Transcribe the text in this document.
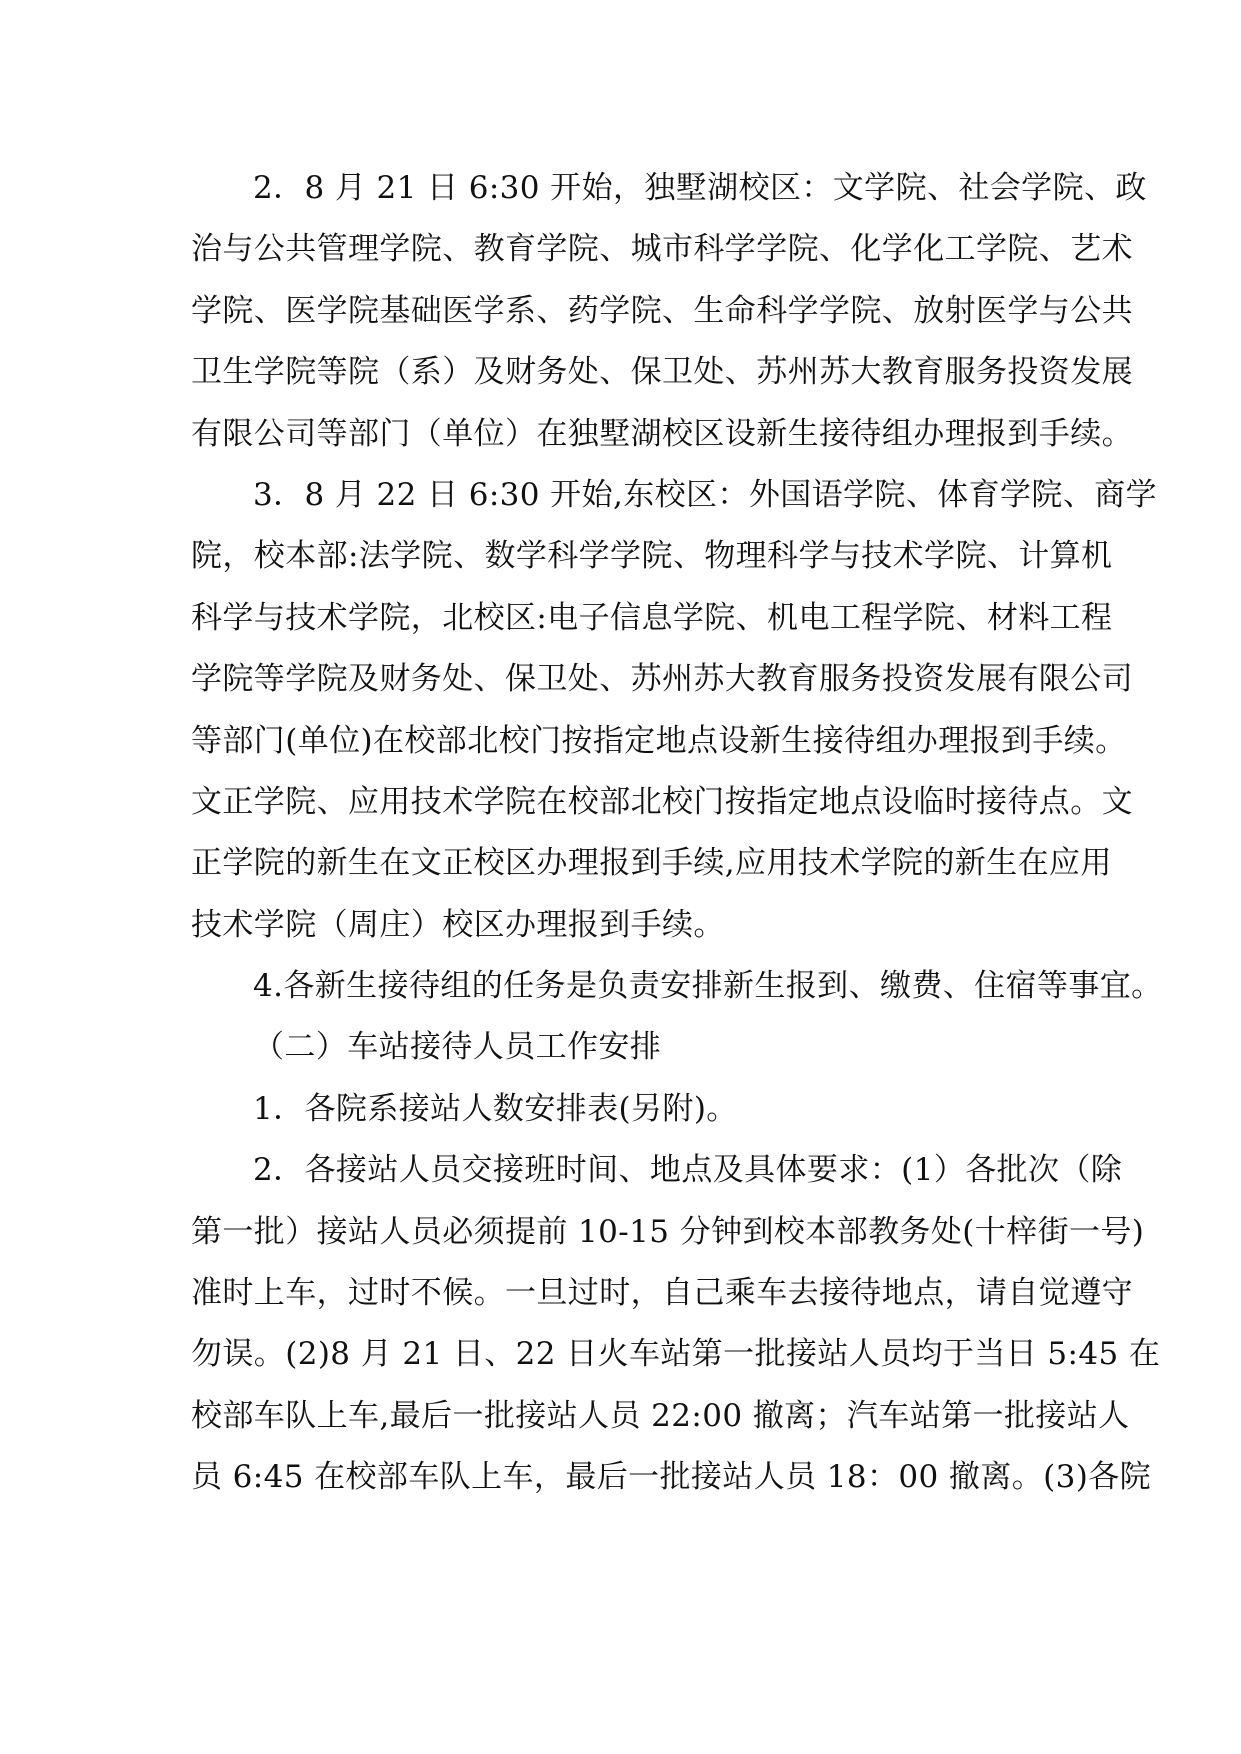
2．8 月 21 日 6:30 开始，独墅湖校区：文学院、社会学院、政
治与公共管理学院、教育学院、城市科学学院、化学化工学院、艺术
学院、医学院基础医学系、药学院、生命科学学院、放射医学与公共
卫生学院等院（系）及财务处、保卫处、苏州苏大教育服务投资发展
有限公司等部门（单位）在独墅湖校区设新生接待组办理报到手续。
3．8 月 22 日 6:30 开始,东校区：外国语学院、体育学院、商学
院，校本部:法学院、数学科学学院、物理科学与技术学院、计算机
科学与技术学院，北校区:电子信息学院、机电工程学院、材料工程
学院等学院及财务处、保卫处、苏州苏大教育服务投资发展有限公司
等部门(单位)在校部北校门按指定地点设新生接待组办理报到手续。
文正学院、应用技术学院在校部北校门按指定地点设临时接待点。文
正学院的新生在文正校区办理报到手续,应用技术学院的新生在应用
技术学院（周庄）校区办理报到手续。
4.各新生接待组的任务是负责安排新生报到、缴费、住宿等事宜。
（二）车站接待人员工作安排
1．各院系接站人数安排表(另附)。
2．各接站人员交接班时间、地点及具体要求：(1）各批次（除
第一批）接站人员必须提前 10-15 分钟到校本部教务处(十梓街一号)
准时上车，过时不候。一旦过时，自己乘车去接待地点，请自觉遵守
勿误。(2)8 月 21 日、22 日火车站第一批接站人员均于当日 5:45 在
校部车队上车,最后一批接站人员 22:00 撤离；汽车站第一批接站人
员 6:45 在校部车队上车，最后一批接站人员 18：00 撤离。(3)各院
